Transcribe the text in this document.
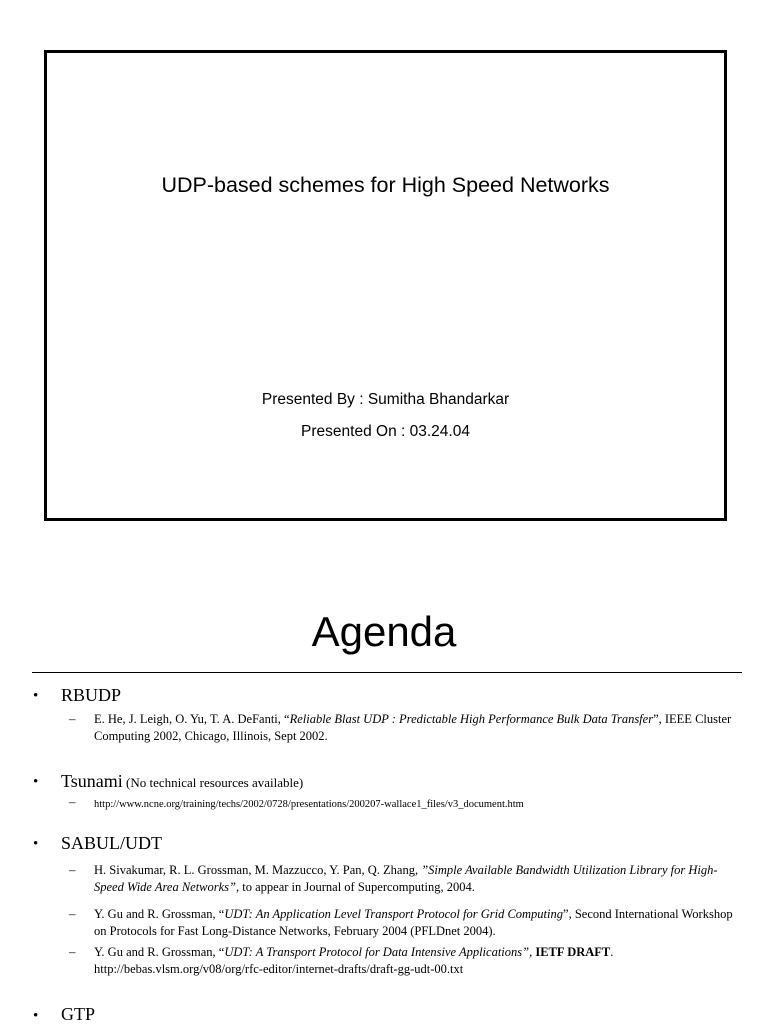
UDP-based schemes for High Speed Networks
Presented By : Sumitha Bhandarkar
Presented On : 03.24.04
Agenda
• RBUDP
– E. He, J. Leigh, O. Yu, T. A. DeFanti, “Reliable Blast UDP : Predictable High Performance Bulk Data Transfer”, IEEE Cluster Computing 2002, Chicago, Illinois, Sept 2002.
• Tsunami (No technical resources available)
– http://www.ncne.org/training/techs/2002/0728/presentations/200207-wallace1_files/v3_document.htm
• SABUL/UDT
– H. Sivakumar, R. L. Grossman, M. Mazzucco, Y. Pan, Q. Zhang, ”Simple Available Bandwidth Utilization Library for High-Speed Wide Area Networks”, to appear in Journal of Supercomputing, 2004.
– Y. Gu and R. Grossman, “UDT: An Application Level Transport Protocol for Grid Computing”, Second International Workshop on Protocols for Fast Long-Distance Networks, February 2004 (PFLDnet 2004).
– Y. Gu and R. Grossman, “UDT: A Transport Protocol for Data Intensive Applications”, IETF DRAFT. http://bebas.vlsm.org/v08/org/rfc-editor/internet-drafts/draft-gg-udt-00.txt
• GTP
